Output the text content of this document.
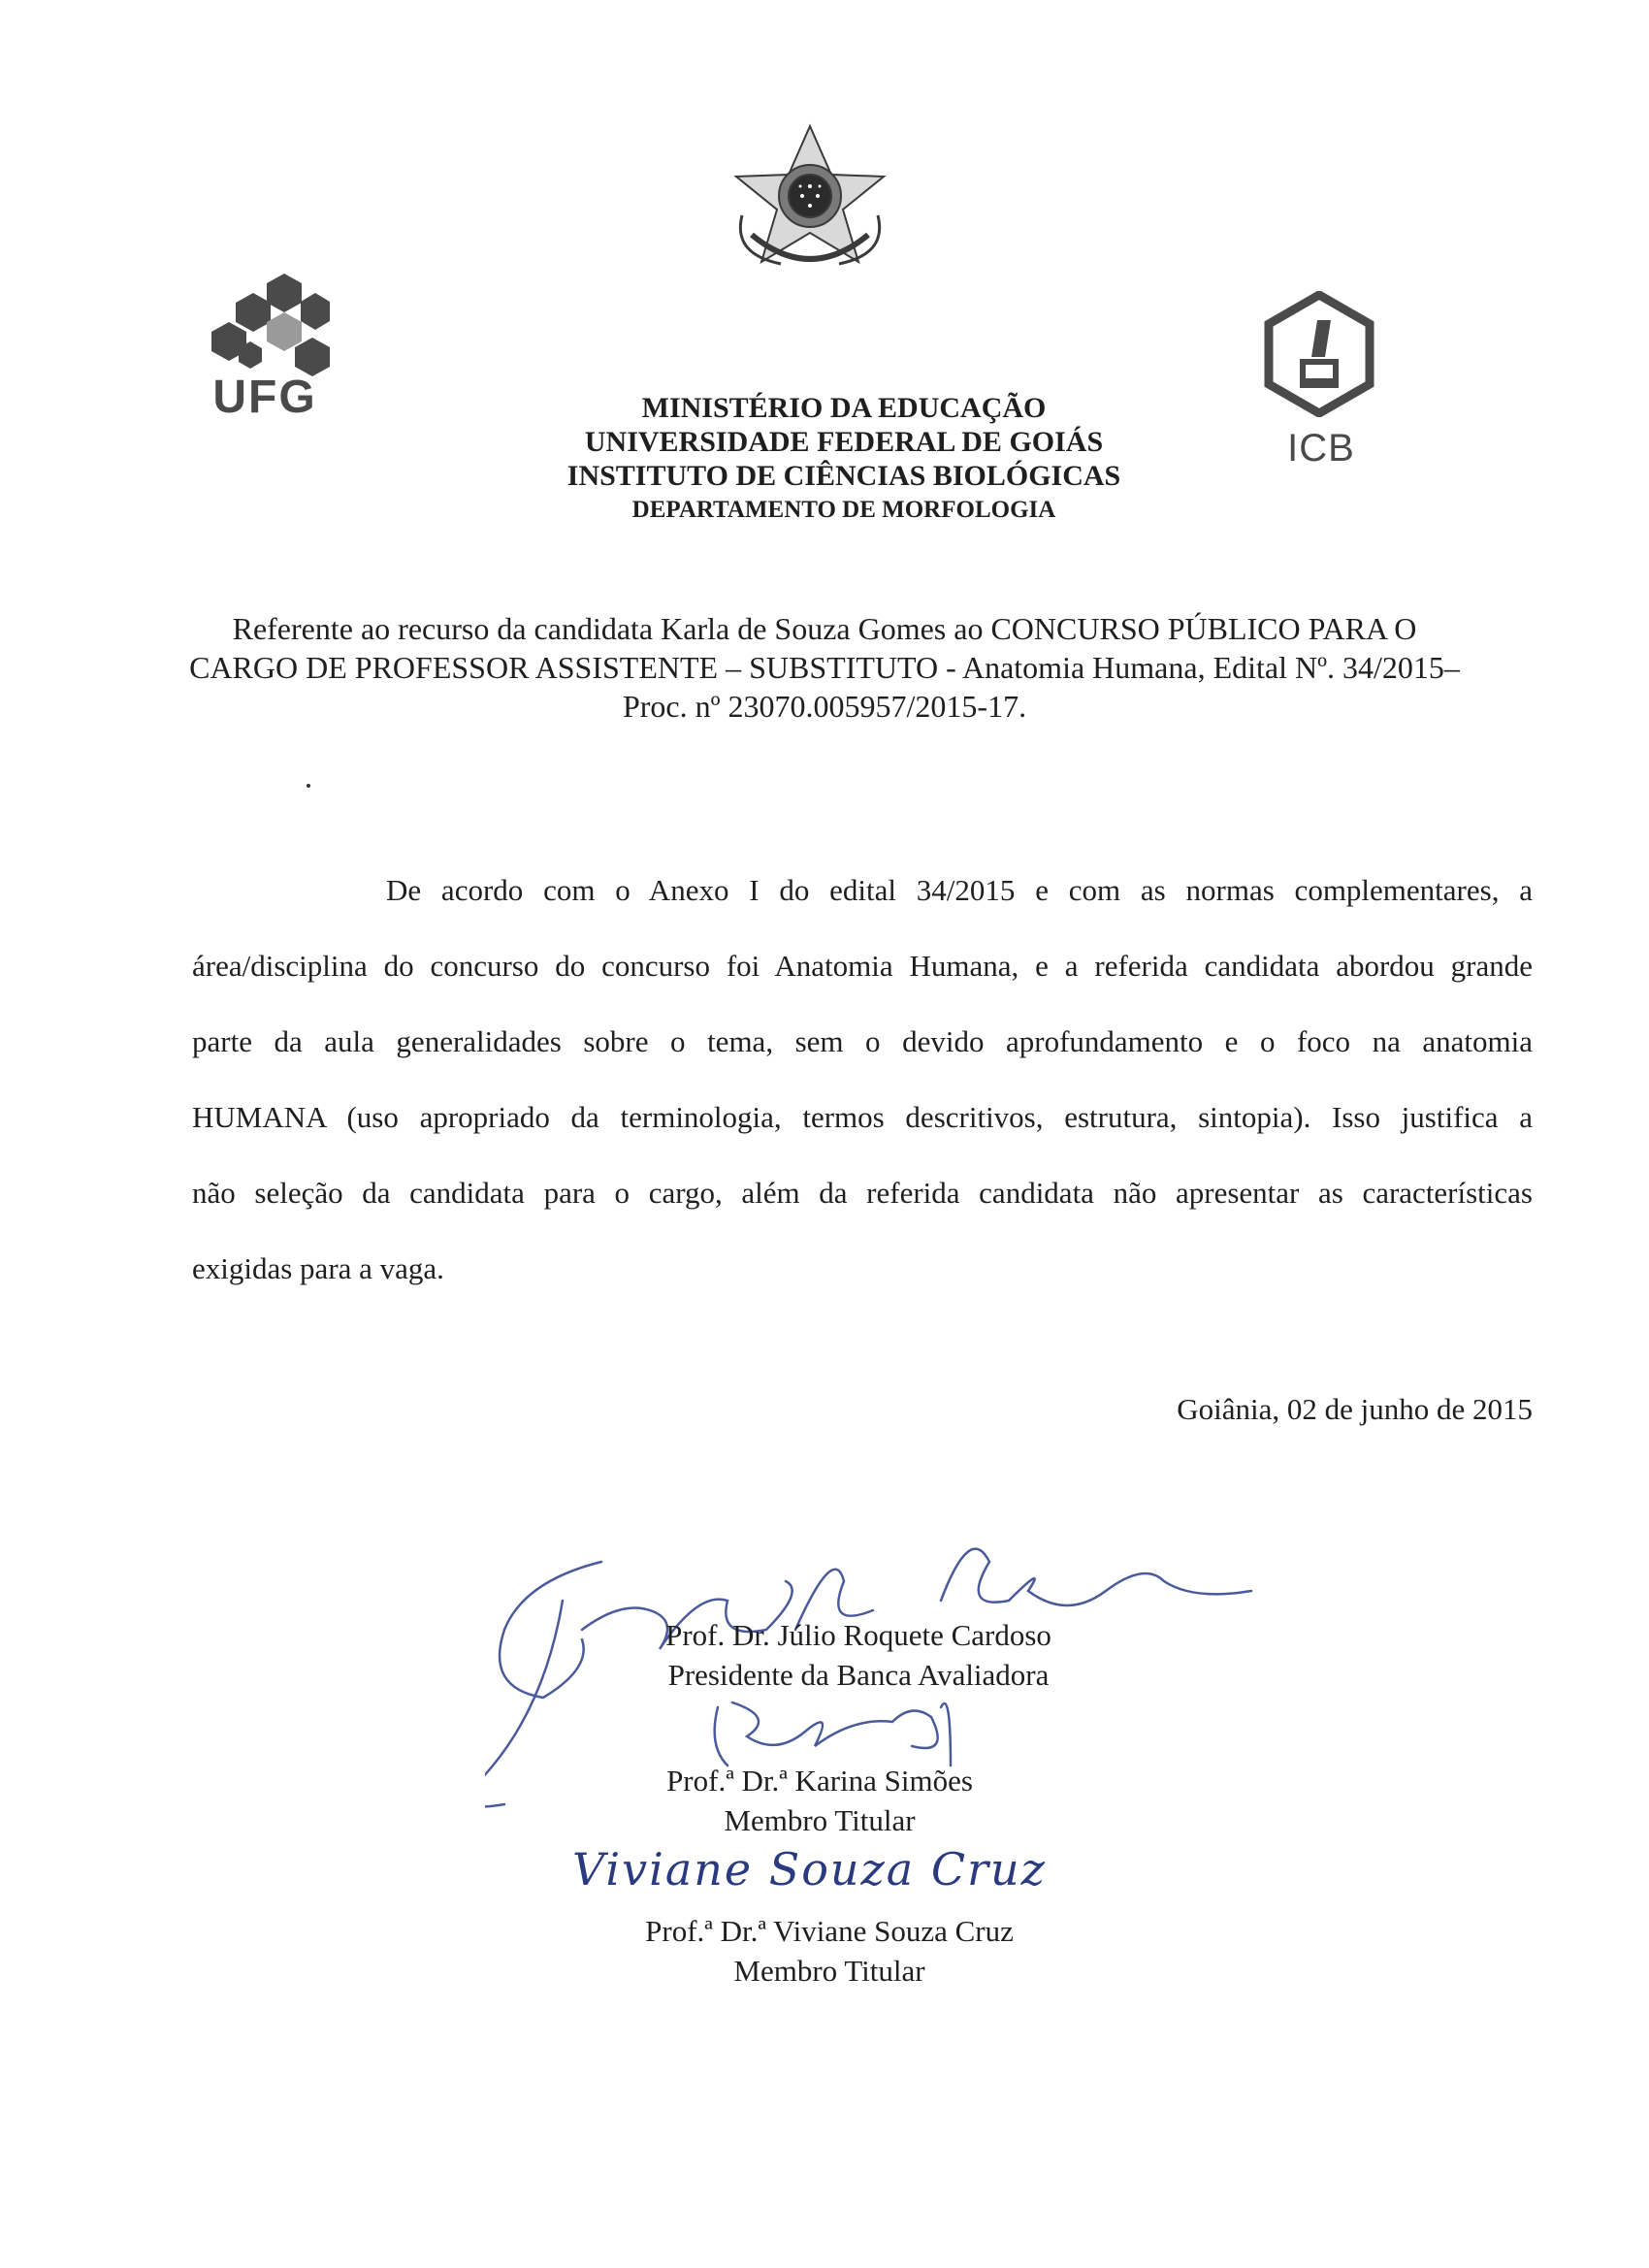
UFG
ICB
MINISTÉRIO DA EDUCAÇÃO
UNIVERSIDADE FEDERAL DE GOIÁS
INSTITUTO DE CIÊNCIAS BIOLÓGICAS
DEPARTAMENTO DE MORFOLOGIA
Referente ao recurso da candidata Karla de Souza Gomes ao CONCURSO PÚBLICO PARA O
CARGO DE PROFESSOR ASSISTENTE – SUBSTITUTO - Anatomia Humana, Edital Nº. 34/2015–
Proc. nº 23070.005957/2015-17.
De acordo com o Anexo I do edital 34/2015 e com as normas complementares, a
área/disciplina do concurso do concurso foi Anatomia Humana, e a referida candidata abordou grande
parte da aula generalidades sobre o tema, sem o devido aprofundamento e o foco na anatomia
HUMANA (uso apropriado da terminologia, termos descritivos, estrutura, sintopia). Isso justifica a
não seleção da candidata para o cargo, além da referida candidata não apresentar as características
exigidas para a vaga.
Goiânia, 02 de junho de 2015
Viviane Souza Cruz
Prof. Dr. Júlio Roquete Cardoso
Presidente da Banca Avaliadora
Prof.ª Dr.ª Karina Simões
Membro Titular
Prof.ª Dr.ª Viviane Souza Cruz
Membro Titular
